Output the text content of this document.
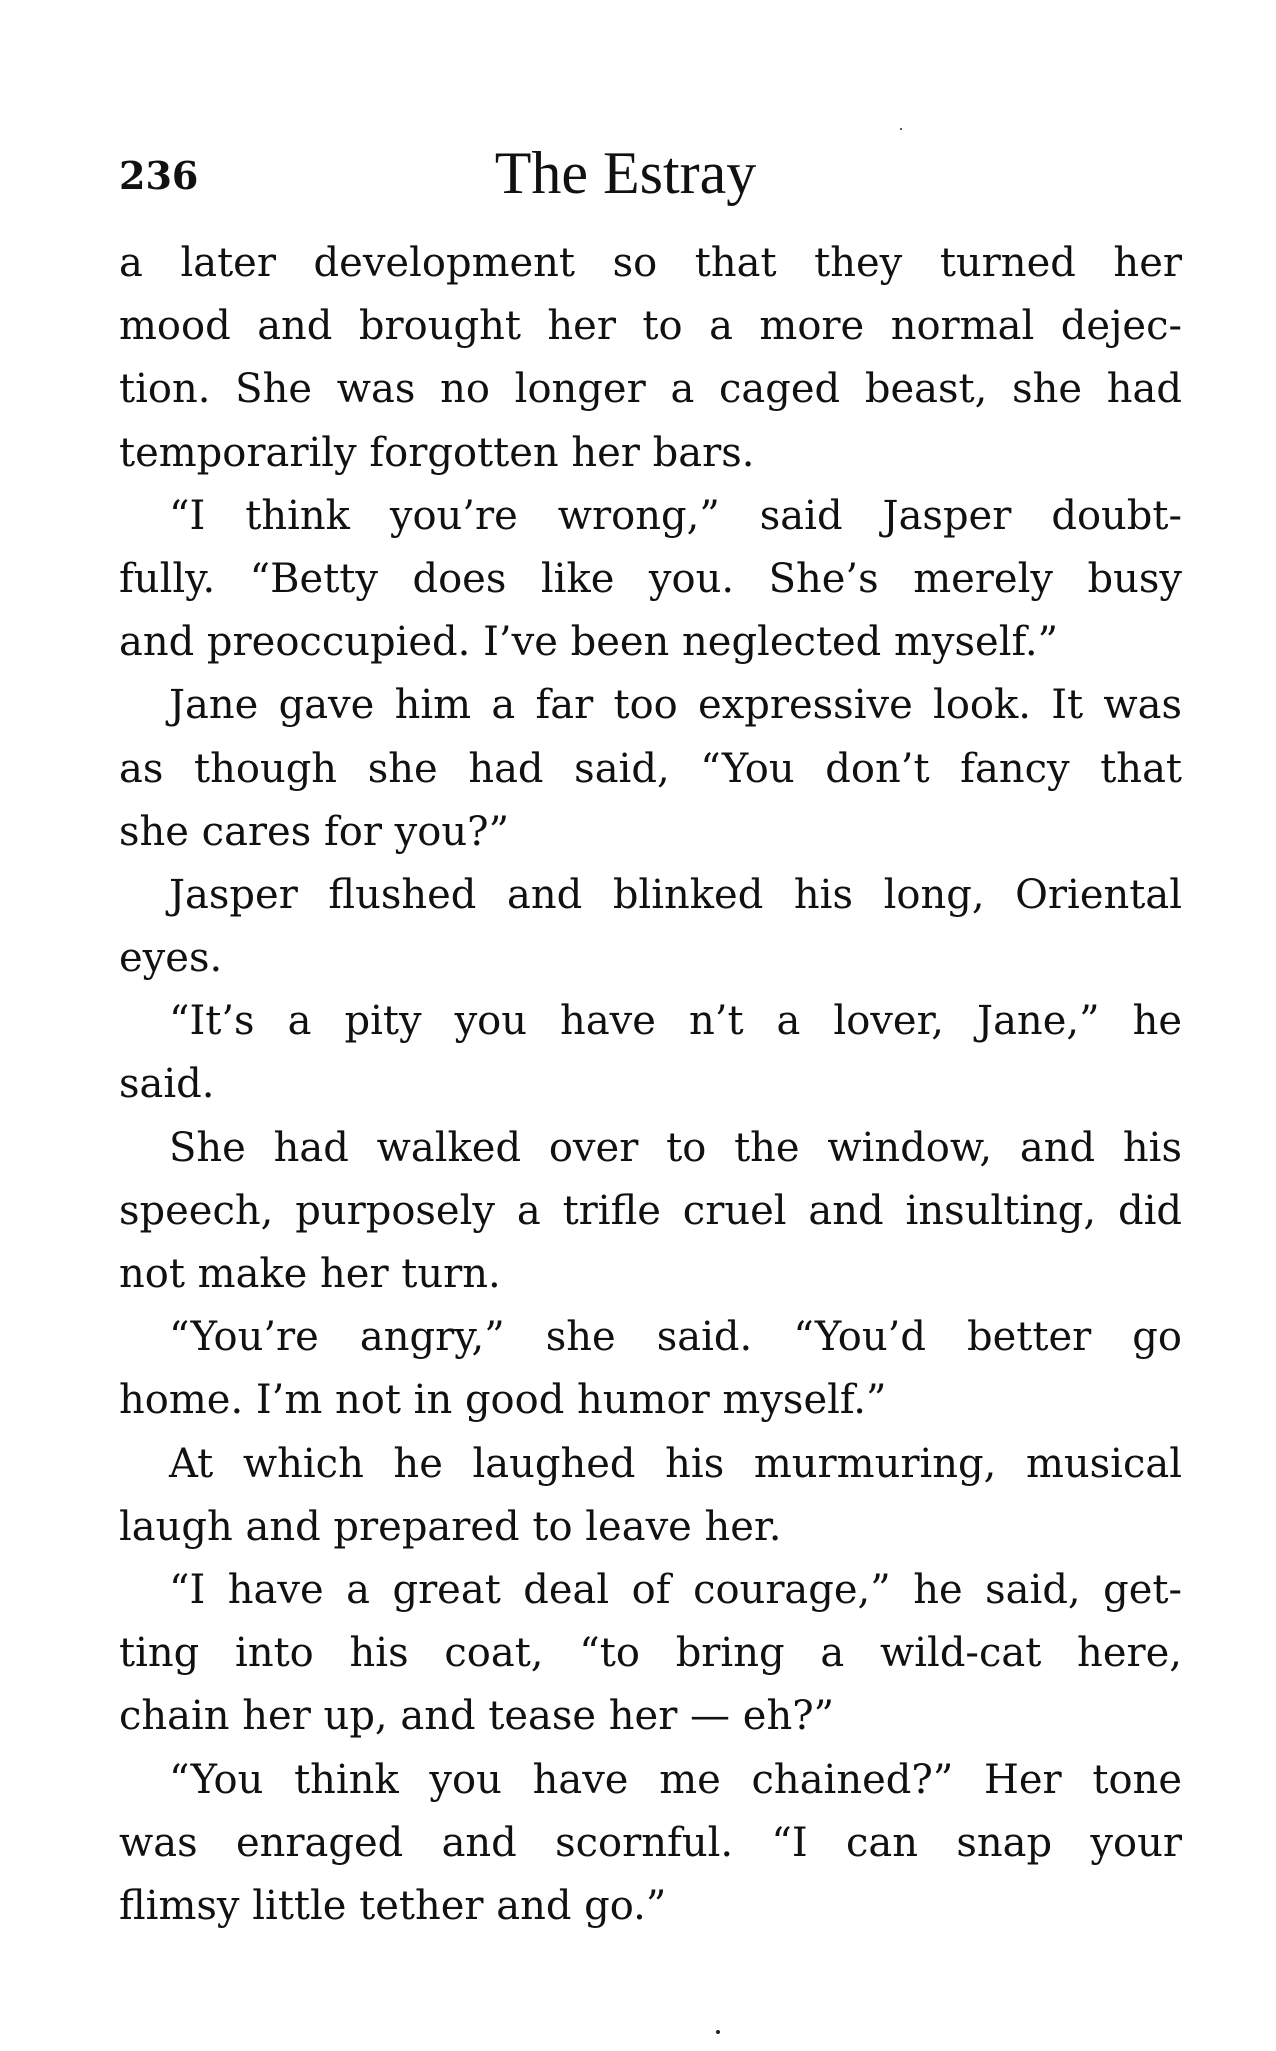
236	The Estray
a later development so that they turned her
mood and brought her to a more normal dejec-
tion. She was no longer a caged beast, she had
temporarily forgotten her bars.
“I think you’re wrong,” said Jasper doubt-
fully. “Betty does like you. She’s merely busy
and preoccupied. I’ve been neglected myself.”
Jane gave him a far too expressive look. It was
as though she had said, “You don’t fancy that
she cares for you?”
Jasper flushed and blinked his long, Oriental
eyes.
“It’s a pity you have n’t a lover, Jane,” he
said.
She had walked over to the window, and his
speech, purposely a trifle cruel and insulting, did
not make her turn.
“You’re angry,” she said. “You’d better go
home. I’m not in good humor myself.”
At which he laughed his murmuring, musical
laugh and prepared to leave her.
“I have a great deal of courage,” he said, get-
ting into his coat, “to bring a wild-cat here,
chain her up, and tease her — eh?”
“You think you have me chained?” Her tone
was enraged and scornful. “I can snap your
flimsy little tether and go.”
